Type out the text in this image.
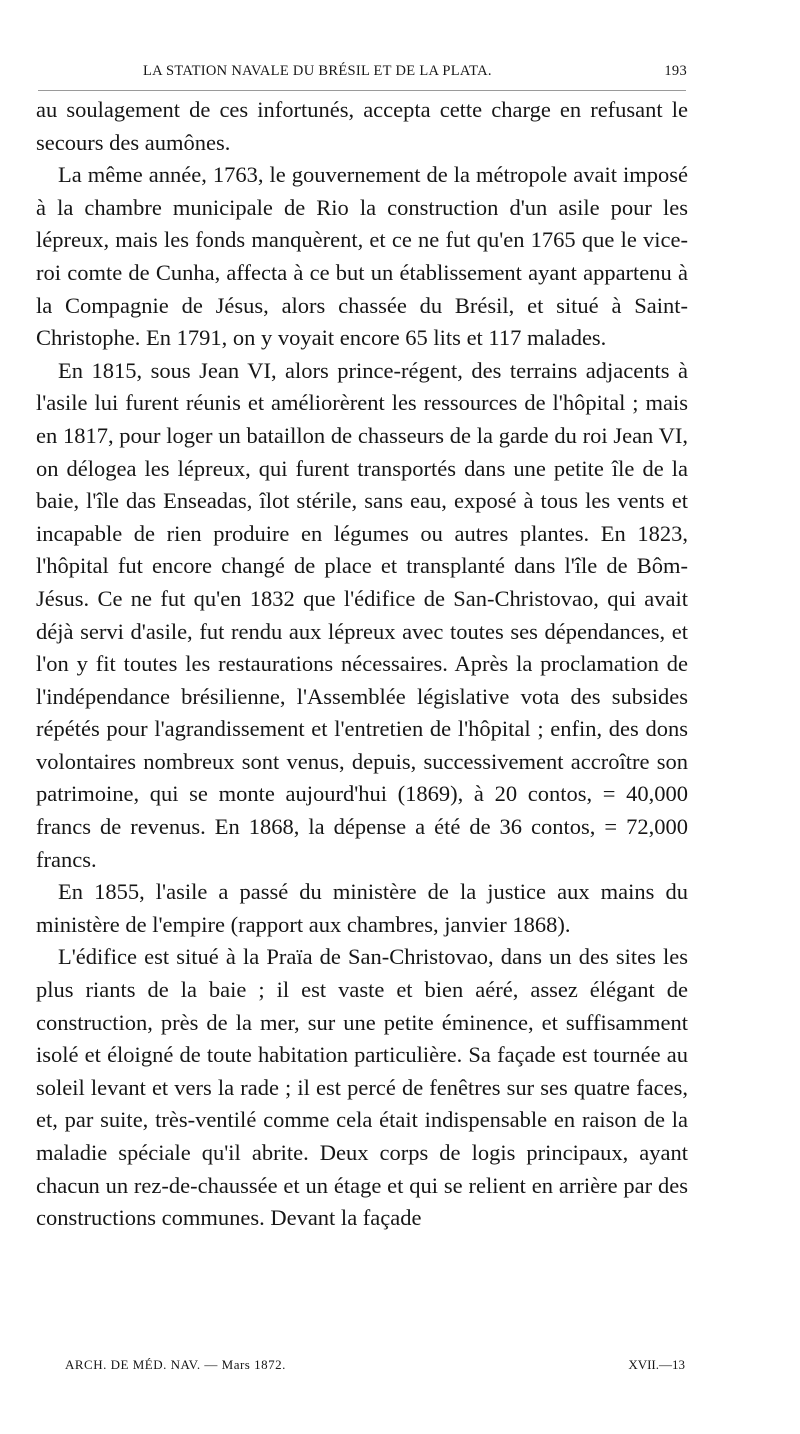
LA STATION NAVALE DU BRÉSIL ET DE LA PLATA.	193

au soulagement de ces infortunés, accepta cette charge en refusant le secours des aumônes.

La même année, 1763, le gouvernement de la métropole avait imposé à la chambre municipale de Rio la construction d'un asile pour les lépreux, mais les fonds manquèrent, et ce ne fut qu'en 1765 que le vice-roi comte de Cunha, affecta à ce but un établissement ayant appartenu à la Compagnie de Jésus, alors chassée du Brésil, et situé à Saint-Christophe. En 1791, on y voyait encore 65 lits et 117 malades.

En 1815, sous Jean VI, alors prince-régent, des terrains adjacents à l'asile lui furent réunis et améliorèrent les ressources de l'hôpital ; mais en 1817, pour loger un bataillon de chasseurs de la garde du roi Jean VI, on délogea les lépreux, qui furent transportés dans une petite île de la baie, l'île das Enseadas, îlot stérile, sans eau, exposé à tous les vents et incapable de rien produire en légumes ou autres plantes. En 1823, l'hôpital fut encore changé de place et transplanté dans l'île de Bôm-Jésus. Ce ne fut qu'en 1832 que l'édifice de San-Christovao, qui avait déjà servi d'asile, fut rendu aux lépreux avec toutes ses dépendances, et l'on y fit toutes les restaurations nécessaires. Après la proclamation de l'indépendance brésilienne, l'Assemblée législative vota des subsides répétés pour l'agrandissement et l'entretien de l'hôpital ; enfin, des dons volontaires nombreux sont venus, depuis, successivement accroître son patrimoine, qui se monte aujourd'hui (1869), à 20 contos, = 40,000 francs de revenus. En 1868, la dépense a été de 36 contos, = 72,000 francs.

En 1855, l'asile a passé du ministère de la justice aux mains du ministère de l'empire (rapport aux chambres, janvier 1868).

L'édifice est situé à la Praïa de San-Christovao, dans un des sites les plus riants de la baie ; il est vaste et bien aéré, assez élégant de construction, près de la mer, sur une petite éminence, et suffisamment isolé et éloigné de toute habitation particulière. Sa façade est tournée au soleil levant et vers la rade ; il est percé de fenêtres sur ses quatre faces, et, par suite, très-ventilé comme cela était indispensable en raison de la maladie spéciale qu'il abrite. Deux corps de logis principaux, ayant chacun un rez-de-chaussée et un étage et qui se relient en arrière par des constructions communes. Devant la façade

ARCH. DE MÉD. NAV. — Mars 1872.	XVII.—13
